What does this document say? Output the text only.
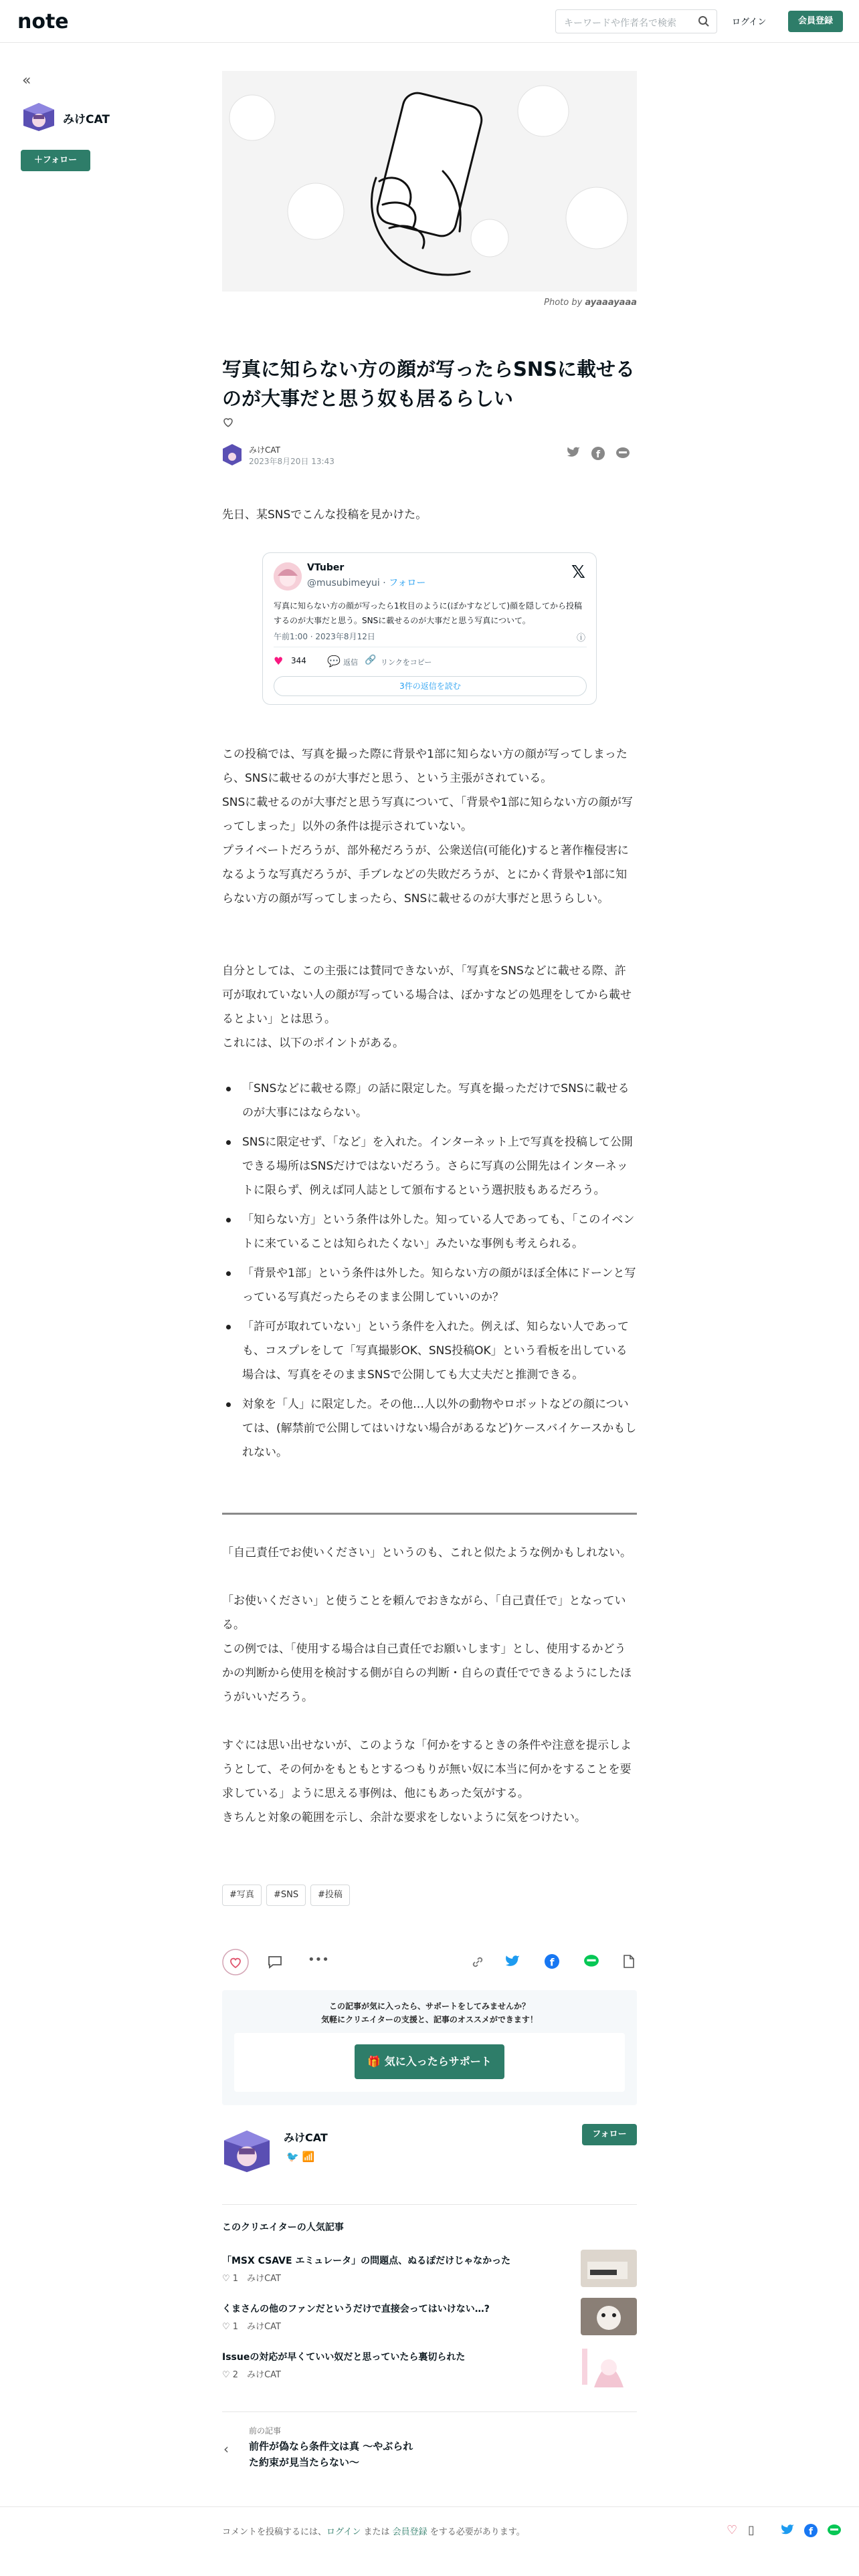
note	キーワードや作者名で検索	ログイン	会員登録
«
みけCAT
＋フォロー
Photo by ayaaayaaa
写真に知らない方の顔が写ったらSNSに載せるのが大事だと思う奴も居るらしい
みけCAT
2023年8月20日 13:43
f

先日、某SNSでこんな投稿を見かけた。

VTuber
@musubimeyui · フォロー
𝕏
写真に知らない方の顔が写ったら1枚目のように(ぼかすなどして)顔を隠してから投稿するのが大事だと思う。SNSに載せるのが大事だと思う写真について。
午前1:00 · 2023年8月12日	ⓘ
♥ 344 💬 返信 🔗 リンクをコピー
3件の返信を読む

この投稿では、写真を撮った際に背景や1部に知らない方の顔が写ってしまったら、SNSに載せるのが大事だと思う、という主張がされている。

SNSに載せるのが大事だと思う写真について、「背景や1部に知らない方の顔が写ってしまった」以外の条件は提示されていない。

プライベートだろうが、部外秘だろうが、公衆送信(可能化)すると著作権侵害になるような写真だろうが、手ブレなどの失敗だろうが、とにかく背景や1部に知らない方の顔が写ってしまったら、SNSに載せるのが大事だと思うらしい。

自分としては、この主張には賛同できないが、「写真をSNSなどに載せる際、許可が取れていない人の顔が写っている場合は、ぼかすなどの処理をしてから載せるとよい」とは思う。

これには、以下のポイントがある。

「SNSなどに載せる際」の話に限定した。写真を撮っただけでSNSに載せるのが大事にはならない。
SNSに限定せず、「など」を入れた。インターネット上で写真を投稿して公開できる場所はSNSだけではないだろう。さらに写真の公開先はインターネットに限らず、例えば同人誌として頒布するという選択肢もあるだろう。
「知らない方」という条件は外した。知っている人であっても、「このイベントに来ていることは知られたくない」みたいな事例も考えられる。
「背景や1部」という条件は外した。知らない方の顔がほぼ全体にドーンと写っている写真だったらそのまま公開していいのか？
「許可が取れていない」という条件を入れた。例えば、知らない人であっても、コスプレをして「写真撮影OK、SNS投稿OK」という看板を出している場合は、写真をそのままSNSで公開しても大丈夫だと推測できる。
対象を「人」に限定した。その他…人以外の動物やロボットなどの顔については、(解禁前で公開してはいけない場合があるなど)ケースバイケースかもしれない。

「自己責任でお使いください」というのも、これと似たような例かもしれない。

「お使いください」と使うことを頼んでおきながら、「自己責任で」となっている。

この例では、「使用する場合は自己責任でお願いします」とし、使用するかどうかの判断から使用を検討する側が自らの判断・自らの責任でできるようにしたほうがいいだろう。

すぐには思い出せないが、このような「何かをするときの条件や注意を提示しようとして、その何かをもともとするつもりが無い奴に本当に何かをすることを要求している」ように思える事例は、他にもあった気がする。

きちんと対象の範囲を示し、余計な要求をしないように気をつけたい。

#写真	#SNS	#投稿
•••	f
この記事が気に入ったら、サポートをしてみませんか？
気軽にクリエイターの支援と、記事のオススメができます！
🎁 気に入ったらサポート
みけCAT
🐦 📶
フォロー
このクリエイターの人気記事
「MSX CSAVE エミュレータ」の問題点、ぬるぽだけじゃなかった
♡ 1　 みけCAT
くまさんの他のファンだというだけで直接会ってはいけない…?
♡ 1　 みけCAT
Issueの対応が早くていい奴だと思っていたら裏切られた
♡ 2　 みけCAT
‹
前の記事
前件が偽なら条件文は真 〜やぶられた約束が見当たらない〜
コメントを投稿するには、ログイン または 会員登録 をする必要があります。	♡ ▯	f
